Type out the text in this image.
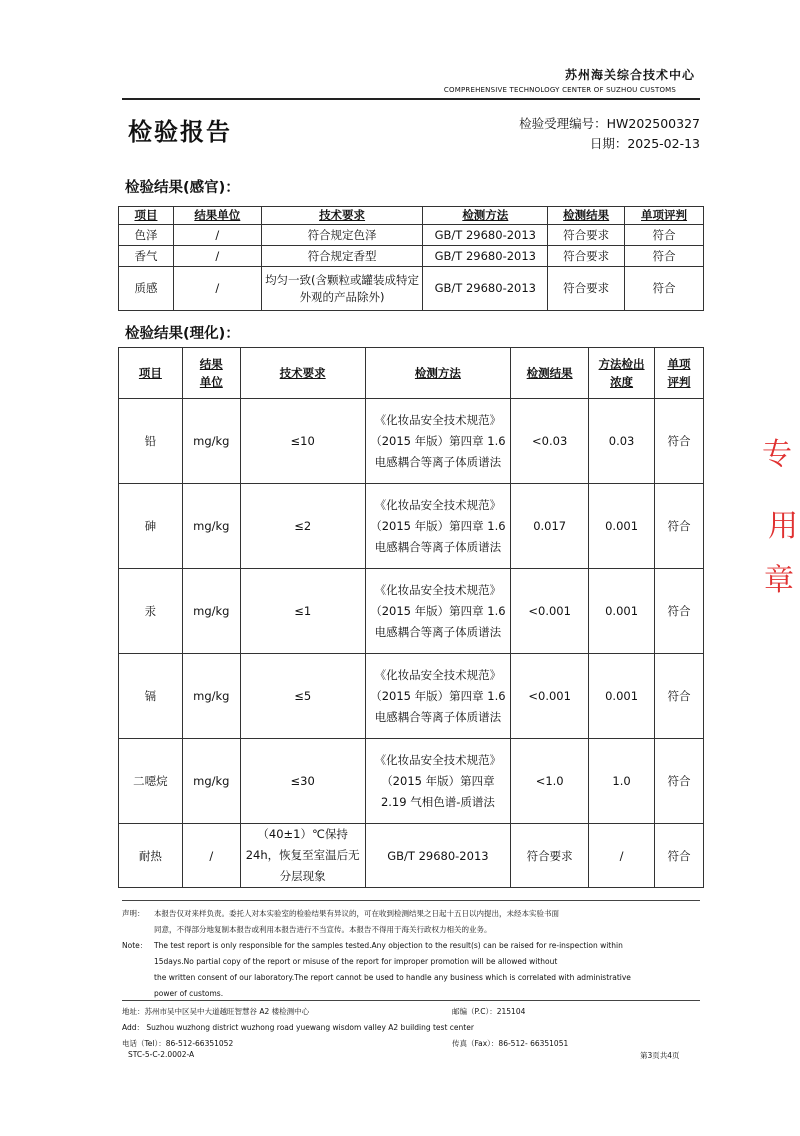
苏州海关综合技术中心
COMPREHENSIVE TECHNOLOGY CENTER OF SUZHOU CUSTOMS
检验报告	检验受理编号：HW202500327
日期：2025-02-13
检验结果(感官)：
项目	结果单位	技术要求	检测方法	检测结果	单项评判
色泽	/	符合规定色泽	GB/T 29680-2013	符合要求	符合
香气	/	符合规定香型	GB/T 29680-2013	符合要求	符合
质感	/	均匀一致(含颗粒或罐装成特定外观的产品除外)	GB/T 29680-2013	符合要求	符合
检验结果(理化)：
项目	结果单位	技术要求	检测方法	检测结果	方法检出浓度	单项评判
铅	mg/kg	≤10	《化妆品安全技术规范》（2015 年版）第四章 1.6 电感耦合等离子体质谱法	<0.03	0.03	符合
砷	mg/kg	≤2	《化妆品安全技术规范》（2015 年版）第四章 1.6 电感耦合等离子体质谱法	0.017	0.001	符合
汞	mg/kg	≤1	《化妆品安全技术规范》（2015 年版）第四章 1.6 电感耦合等离子体质谱法	<0.001	0.001	符合
镉	mg/kg	≤5	《化妆品安全技术规范》（2015 年版）第四章 1.6 电感耦合等离子体质谱法	<0.001	0.001	符合
二噁烷	mg/kg	≤30	《化妆品安全技术规范》（2015 年版）第四章 2.19 气相色谱-质谱法	<1.0	1.0	符合
耐热	/	（40±1）℃保持24h，恢复至室温后无分层现象	GB/T 29680-2013	符合要求	/	符合
声明： 本报告仅对来样负责。委托人对本实验室的检验结果有异议的，可在收到检测结果之日起十五日以内提出，未经本实验书面
同意，不得部分地复制本报告或利用本报告进行不当宣传。本报告不得用于海关行政权力相关的业务。
Note： The test report is only responsible for the samples tested.Any objection to the result(s) can be raised for re-inspection within
15days.No partial copy of the report or misuse of the report for improper promotion will be allowed without
the written consent of our laboratory.The report cannot be used to handle any business which is correlated with administrative
power of customs.
地址：苏州市吴中区吴中大道越旺智慧谷 A2 楼检测中心	邮编（P.C）：215104
Add： Suzhou wuzhong district wuzhong road yuewang wisdom valley A2 building test center
电话（Tel）：86-512-66351052	传真（Fax）：86-512- 66351051
STC-5-C-2.0002-A	第3页共4页
专
用
章
